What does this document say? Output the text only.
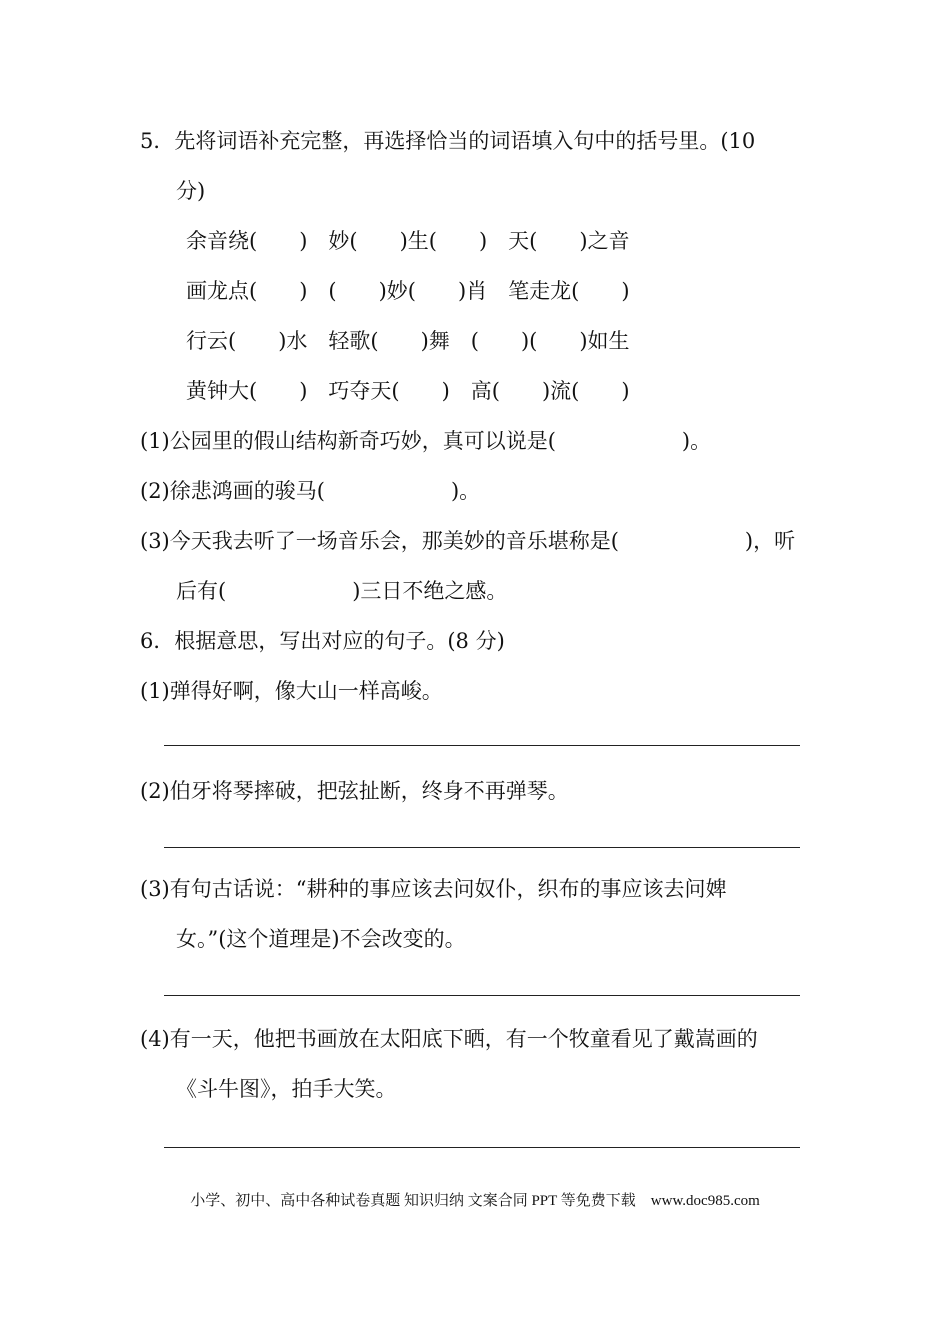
5．先将词语补充完整，再选择恰当的词语填入句中的括号里。(10
分)
余音绕(　　)　妙(　　)生(　　)　天(　　)之音
画龙点(　　)　(　　)妙(　　)肖　笔走龙(　　)
行云(　　)水　轻歌(　　)舞　(　　)(　　)如生
黄钟大(　　)　巧夺天(　　)　高(　　)流(　　)
(1)公园里的假山结构新奇巧妙，真可以说是(　　　　　　)。
(2)徐悲鸿画的骏马(　　　　　　)。
(3)今天我去听了一场音乐会，那美妙的音乐堪称是(　　　　　　)，听
后有(　　　　　　)三日不绝之感。
6．根据意思，写出对应的句子。(8 分)
(1)弹得好啊，像大山一样高峻。
(2)伯牙将琴摔破，把弦扯断，终身不再弹琴。
(3)有句古话说：“耕种的事应该去问奴仆，织布的事应该去问婢
女。”(这个道理是)不会改变的。
(4)有一天，他把书画放在太阳底下晒，有一个牧童看见了戴嵩画的
《斗牛图》，拍手大笑。
小学、初中、高中各种试卷真题 知识归纳 文案合同 PPT 等免费下载　www.doc985.com
